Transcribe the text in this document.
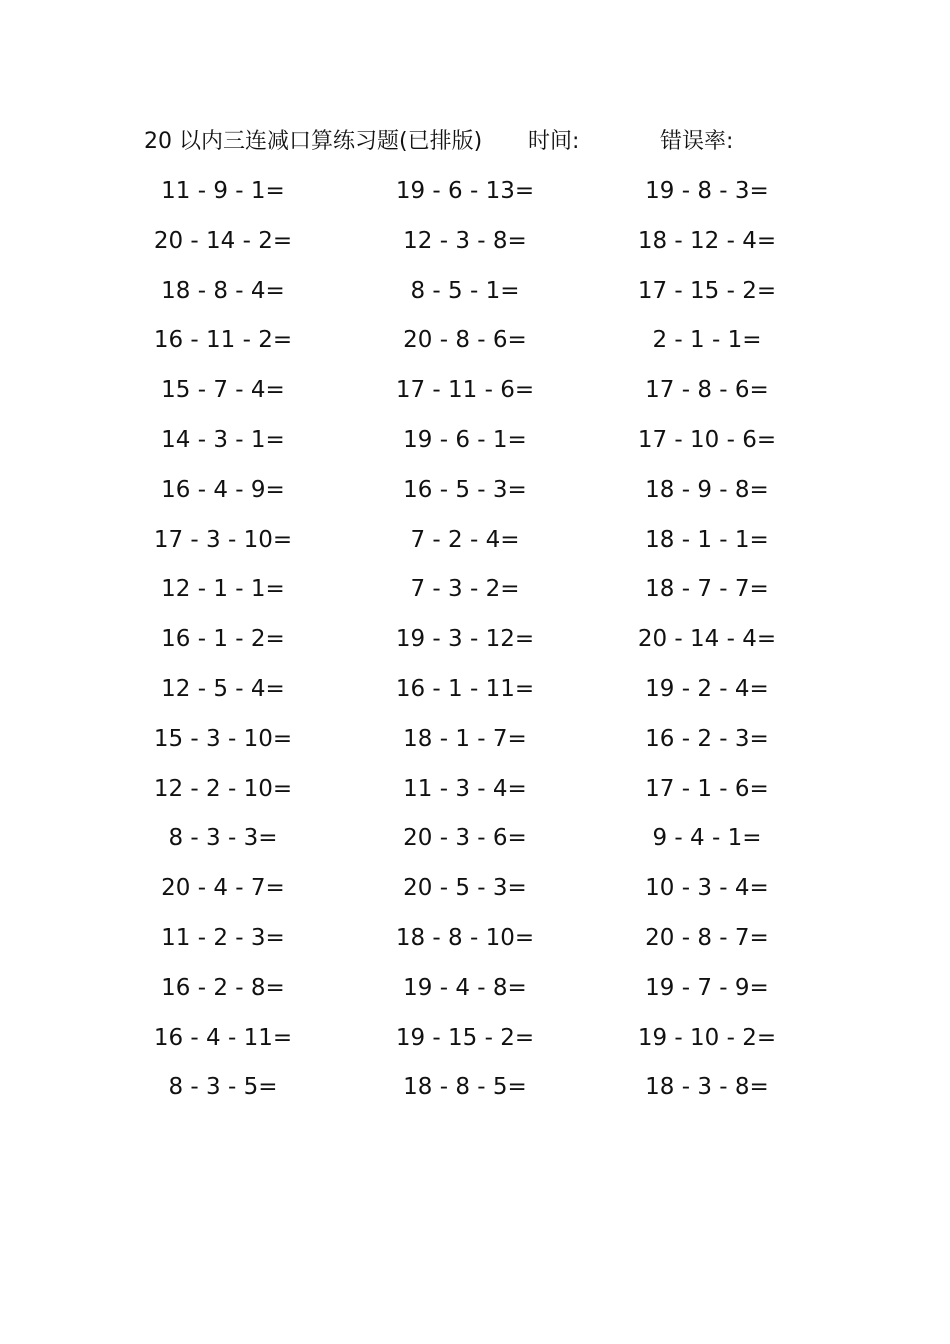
20 以内三连减口算练习题(已排版) 时间:	错误率:
11 - 9 - 1=	19 - 6 - 13=	19 - 8 - 3=
20 - 14 - 2=	12 - 3 - 8=	18 - 12 - 4=
18 - 8 - 4=	8 - 5 - 1=	17 - 15 - 2=
16 - 11 - 2=	20 - 8 - 6=	2 - 1 - 1=
15 - 7 - 4=	17 - 11 - 6=	17 - 8 - 6=
14 - 3 - 1=	19 - 6 - 1=	17 - 10 - 6=
16 - 4 - 9=	16 - 5 - 3=	18 - 9 - 8=
17 - 3 - 10=	7 - 2 - 4=	18 - 1 - 1=
12 - 1 - 1=	7 - 3 - 2=	18 - 7 - 7=
16 - 1 - 2=	19 - 3 - 12=	20 - 14 - 4=
12 - 5 - 4=	16 - 1 - 11=	19 - 2 - 4=
15 - 3 - 10=	18 - 1 - 7=	16 - 2 - 3=
12 - 2 - 10=	11 - 3 - 4=	17 - 1 - 6=
8 - 3 - 3=	20 - 3 - 6=	9 - 4 - 1=
20 - 4 - 7=	20 - 5 - 3=	10 - 3 - 4=
11 - 2 - 3=	18 - 8 - 10=	20 - 8 - 7=
16 - 2 - 8=	19 - 4 - 8=	19 - 7 - 9=
16 - 4 - 11=	19 - 15 - 2=	19 - 10 - 2=
8 - 3 - 5=	18 - 8 - 5=	18 - 3 - 8=
